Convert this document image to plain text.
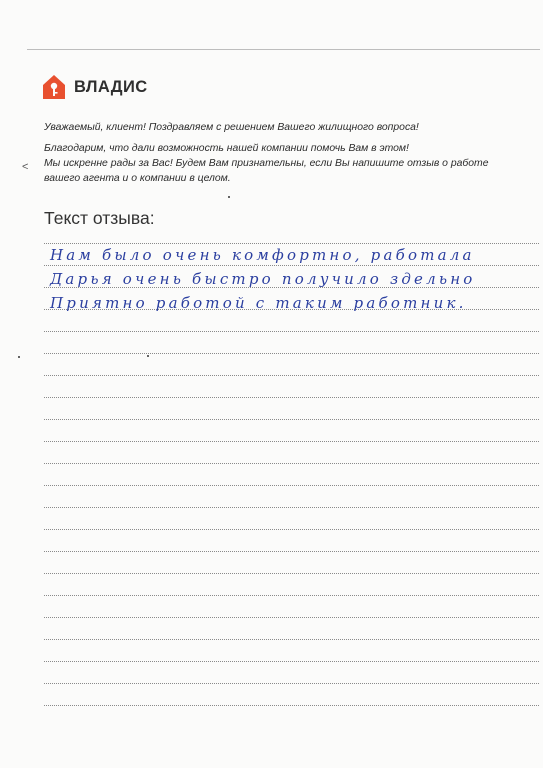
ВЛАДИС
Уважаемый, клиент! Поздравляем с решением Вашего жилищного вопроса!
Благодарим, что дали возможность нашей компании помочь Вам в этом!
Мы искренне рады за Вас! Будем Вам признательны, если Вы напишите отзыв о работе
вашего агента и о компании в целом.
<
Текст отзыва:
Нам было очень комфортно, работала
Дарья очень быстро получило здельно
Приятно работой с таким работник.
